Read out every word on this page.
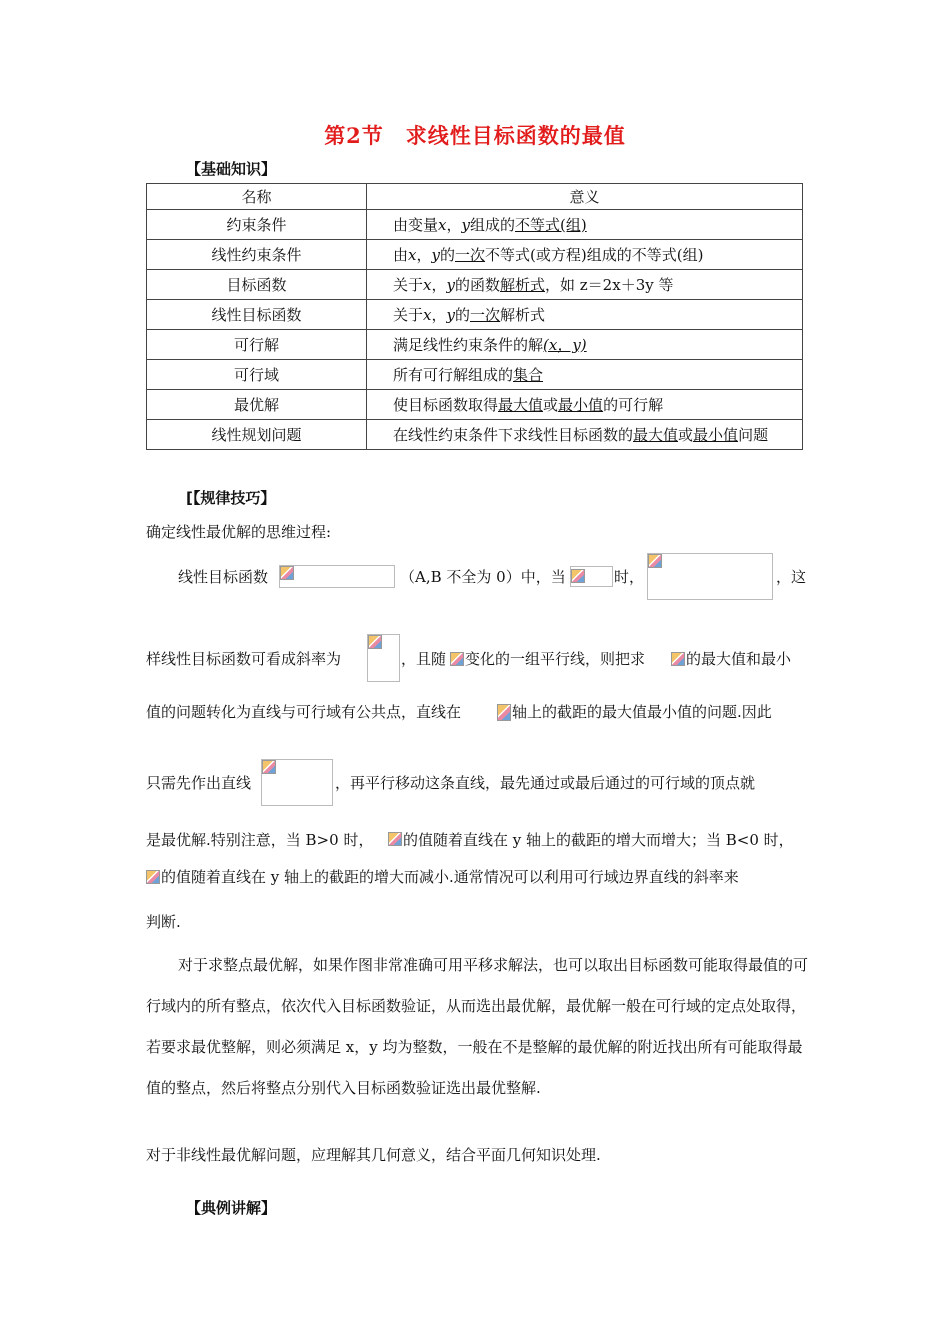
第2节　求线性目标函数的最值
【基础知识】
名称	意义
约束条件	由变量x，y组成的不等式(组)
线性约束条件	由x，y的一次不等式(或方程)组成的不等式(组)
目标函数	关于x，y的函数解析式，如 z＝2x＋3y 等
线性目标函数	关于x，y的一次解析式
可行解	满足线性约束条件的解(x，y)
可行域	所有可行解组成的集合
最优解	使目标函数取得最大值或最小值的可行解
线性规划问题	在线性约束条件下求线性目标函数的最大值或最小值问题
[【规律技巧】
确定线性最优解的思维过程:
线性目标函数	（A,B 不全为 0）中，当	时，	，这
样线性目标函数可看成斜率为	，且随 变化的一组平行线，则把求	的最大值和最小
值的问题转化为直线与可行域有公共点，直线在	轴上的截距的最大值最小值的问题.因此
只需先作出直线	，再平行移动这条直线，最先通过或最后通过的可行域的顶点就
是最优解.特别注意，当 B>0 时， 的值随着直线在 y 轴上的截距的增大而增大；当 B<0 时，
的值随着直线在 y 轴上的截距的增大而减小.通常情况可以利用可行域边界直线的斜率来
判断.
对于求整点最优解，如果作图非常准确可用平移求解法，也可以取出目标函数可能取得最值的可行域内的所有整点，依次代入目标函数验证，从而选出最优解，最优解一般在可行域的定点处取得，若要求最优整解，则必须满足 x，y 均为整数，一般在不是整解的最优解的附近找出所有可能取得最值的整点，然后将整点分别代入目标函数验证选出最优整解.
对于非线性最优解问题，应理解其几何意义，结合平面几何知识处理.
【典例讲解】
